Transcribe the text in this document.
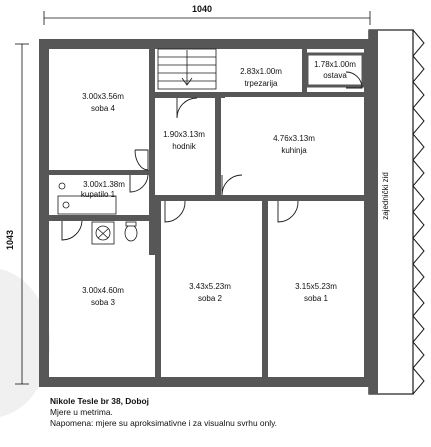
1040
1043
zajednički zid
3.00x3.56m
soba 4
2.83x1.00m
trpezarija
1.78x1.00m
ostava
1.90x3.13m
hodnik
4.76x3.13m
kuhinja
3.00x1.38m
kupatilo 1
3.00x4.60m
soba 3
3.43x5.23m
soba 2
3.15x5.23m
soba 1
Nikole Tesle br 38, Doboj
Mjere u metrima.
Napomena: mjere su aproksimativne i za visualnu svrhu only.
